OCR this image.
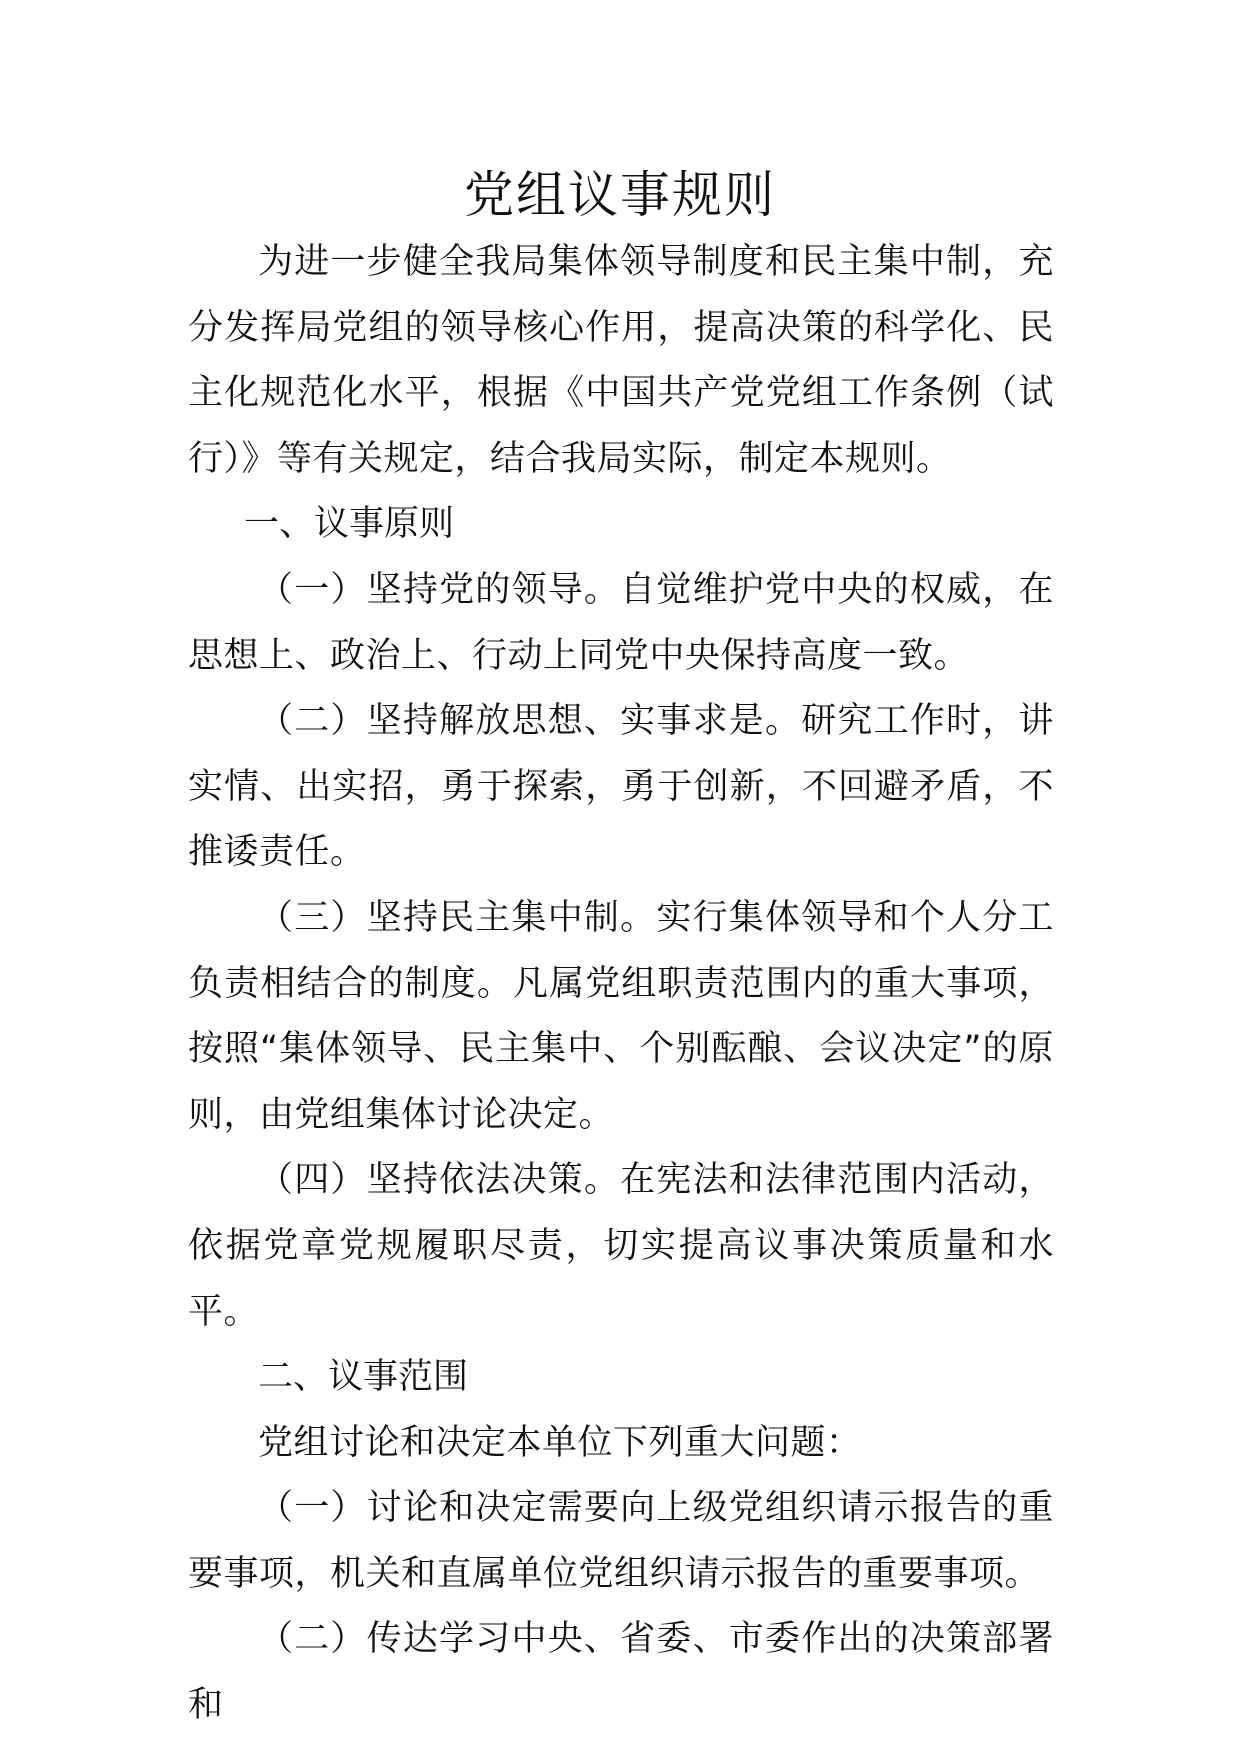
党组议事规则

为进一步健全我局集体领导制度和民主集中制，充分发挥局党组的领导核心作用，提高决策的科学化、民主化规范化水平，根据《中国共产党党组工作条例（试行）》等有关规定，结合我局实际，制定本规则。

一、议事原则

（一）坚持党的领导。自觉维护党中央的权威，在思想上、政治上、行动上同党中央保持高度一致。

（二）坚持解放思想、实事求是。研究工作时，讲实情、出实招，勇于探索，勇于创新，不回避矛盾，不推诿责任。

（三）坚持民主集中制。实行集体领导和个人分工负责相结合的制度。凡属党组职责范围内的重大事项，按照“集体领导、民主集中、个别酝酿、会议决定”的原则，由党组集体讨论决定。

（四）坚持依法决策。在宪法和法律范围内活动，依据党章党规履职尽责，切实提高议事决策质量和水平。

二、议事范围

党组讨论和决定本单位下列重大问题：

（一）讨论和决定需要向上级党组织请示报告的重要事项，机关和直属单位党组织请示报告的重要事项。

（二）传达学习中央、省委、市委作出的决策部署和
